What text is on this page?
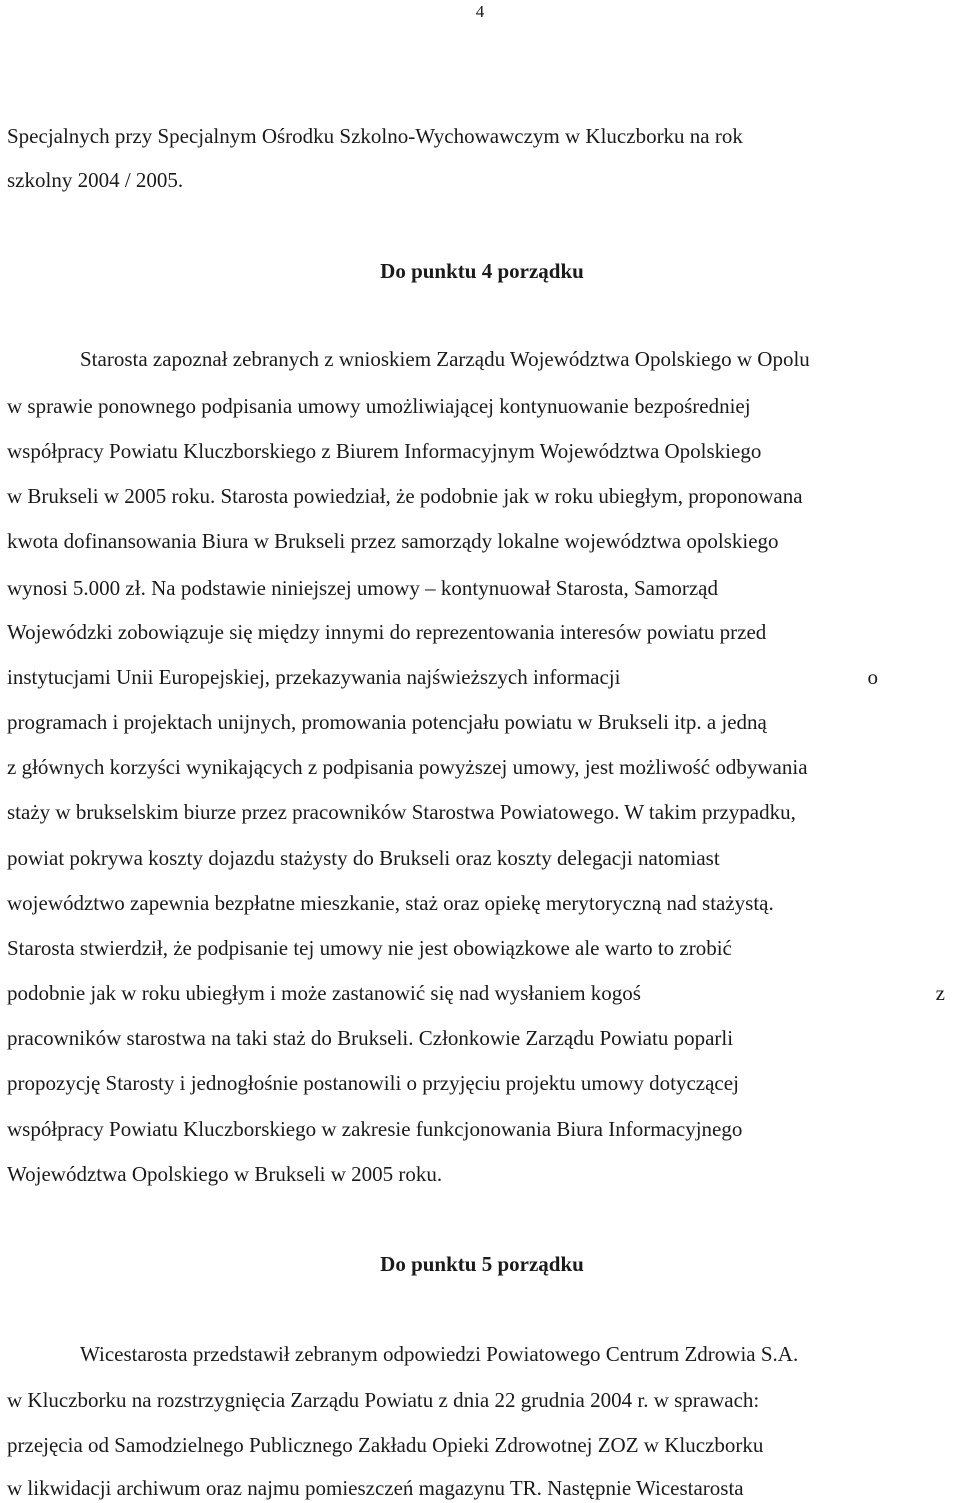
4
Specjalnych przy Specjalnym Ośrodku Szkolno-Wychowawczym w Kluczborku na rok
szkolny 2004 / 2005.
Do punktu 4 porządku
Starosta zapoznał zebranych z wnioskiem Zarządu Województwa Opolskiego w Opolu
w sprawie ponownego podpisania umowy umożliwiającej kontynuowanie bezpośredniej
współpracy Powiatu Kluczborskiego z Biurem Informacyjnym Województwa Opolskiego
w Brukseli w 2005 roku. Starosta powiedział, że podobnie jak w roku ubiegłym, proponowana
kwota dofinansowania Biura w Brukseli przez samorządy lokalne województwa opolskiego
wynosi 5.000 zł. Na podstawie niniejszej umowy – kontynuował Starosta, Samorząd
Wojewódzki zobowiązuje się między innymi do reprezentowania interesów powiatu przed
instytucjami Unii Europejskiej, przekazywania najświeższych informacji	o
programach i projektach unijnych, promowania potencjału powiatu w Brukseli itp. a jedną
z głównych korzyści wynikających z podpisania powyższej umowy, jest możliwość odbywania
staży w brukselskim biurze przez pracowników Starostwa Powiatowego. W takim przypadku,
powiat pokrywa koszty dojazdu stażysty do Brukseli oraz koszty delegacji natomiast
województwo zapewnia bezpłatne mieszkanie, staż oraz opiekę merytoryczną nad stażystą.
Starosta stwierdził, że podpisanie tej umowy nie jest obowiązkowe ale warto to zrobić
podobnie jak w roku ubiegłym i może zastanowić się nad wysłaniem kogoś	z
pracowników starostwa na taki staż do Brukseli. Członkowie Zarządu Powiatu poparli
propozycję Starosty i jednogłośnie postanowili o przyjęciu projektu umowy dotyczącej
współpracy Powiatu Kluczborskiego w zakresie funkcjonowania Biura Informacyjnego
Województwa Opolskiego w Brukseli w 2005 roku.
Do punktu 5 porządku
Wicestarosta przedstawił zebranym odpowiedzi Powiatowego Centrum Zdrowia S.A.
w Kluczborku na rozstrzygnięcia Zarządu Powiatu z dnia 22 grudnia 2004 r. w sprawach:
przejęcia od Samodzielnego Publicznego Zakładu Opieki Zdrowotnej ZOZ w Kluczborku
w likwidacji archiwum oraz najmu pomieszczeń magazynu TR. Następnie Wicestarosta
